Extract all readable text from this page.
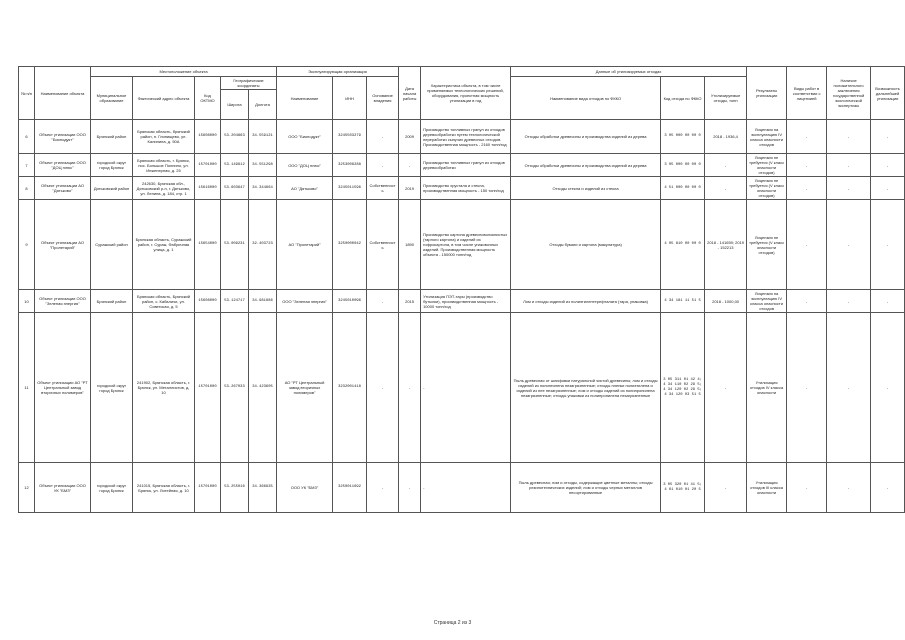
№ п/п	Наименование объекта	Местоположение объекта					Эксплуатирующая организация			Дата начала работы	Характеристика объекта, в том числе применяемых технологических решений, оборудования, проектная мощность утилизации в год	Данные об утилизируемых отходах			Результаты утилизации	Виды работ в соответствии с лицензией	Наличие положительного заключения государственной экологической экспертизы	Возможность дальнейшей утилизации
		Муниципальное образование	Фактический адрес объекта	Код ОКТМО	Географические координаты		Наименование	ИНН	Основание владения			Наименование вида отходов по ФККО	Код отхода по ФККО	Утилизируемые отходы, тонн				
					Широта	Долгота												
6	Объект утилизации ООО "Биоподукт"	Брянский район	Брянская область, брянский район, п. Глинищево, ул. Калинина, д. 50А	15608000	53.204863	34.559121	ООО "Биоподукт"	3245503279	-	2009	Производство топливных гранул из отходов деревообработки путем технологической переработки сыпучих древесных отходов. Производственная мощность - 2160 тонн/год	Отходы обработки древесины и производства изделий из дерева	3 05 000 00 00 0	2018 - 1936,4	Лицензия на эксплуатацию IV класса опасности отходов	-	-	-
7	Объект утилизации ООО "ДОЦ плюс"	городской округ город Брянск	Брянская область, г. Брянск, пос. Большое Полпино, ул. Инженерная, д. 25	15701000	53.149912	34.551298	ООО "ДОЦ плюс"	3253008288	-	-	Производство топливных гранул из отходов деревообработки	Отходы обработки древесины и производства изделий из дерева	3 05 000 00 00 0	-	Лицензия не требуется (V класс опасности отходов)	-	-	-
8	Объект утилизации АО "Дятьково"	Дятьковский район	242630, Брянская обл., Дятьковский р-н, г. Дятьково, ул. Ленина, д. 184, стр. 1	15616000	53.603647	34.344664	АО "Дятьково"	3245011596	Собственность	2019	Производство хрусталя и стекла, производственная мощность - 150 тонн/год	Отходы стекла и изделий из стекла	4 51 000 00 00 0	-	Лицензия не требуется (V класс опасности отходов)	-	-	-
9	Объект утилизации АО "Пролетарий"	Суражский район	Брянская область, Суражский район, г. Сураж, Фабричная улица, д. 1	15654000	53.009231	32.403723	АО "Пролетарий"	3250000042	Собственность	1890	Производство картона древесноволокнистых (тарного картона) и изделий из гофрокартона, в том числе упаковочных изделий. Производственная мощность объекта - 150000 тонн/год	Отходы бумаги и картона (макулатура)	4 05 810 00 00 0	2018 - 141659; 2019 - 152213	Лицензия не требуется (V класс опасности отходов)	-	-	-
10	Объект утилизации ООО "Зеленая энергия"	Брянский район	Брянская область, Брянский район, с. Кабаличи, ул. Советская, д. 5	15608000	53.124717	34.981886	ООО "Зеленая энергия"	3245010096	-	2015	Утилизация ПЭТ-тары (производство бутылки), производственная мощность - 10000 тонн/год	Лом и отходы изделий из полиэтилентерефталата (тара, упаковка)	4 34 181 11 51 5	2018 - 1000,00	Лицензия на эксплуатацию IV класса опасности отходов	-	-	-
11	Объект утилизации АО "РТ Центральный завод вторичных полимеров"	городской округ город Брянск	241902, Брянская область, г. Брянск, ул. Металлистов, д. 10	15701000	53.267033	34.423605	АО "РТ Центральный завод вторичных полимеров"	3232001418	-	-	-	Пыль древесная от шлифовки натуральной чистой древесины; лом и отходы изделий из полиэтилена незагрязненные; отходы пленки полиэтилена и изделий из нее незагрязненные; лом и отходы изделий из полипропилена незагрязненные; отходы упаковки из полипропилена незагрязненные	3 05 311 01 42 4; 4 34 110 02 29 5; 4 34 120 02 29 5; 4 34 120 03 51 5	-	Утилизация отходов IV класса опасности	-	-	-
12	Объект утилизации ООО УК "БМЗ"	городской округ город Брянск	241015, Брянская область, г. Брянск, ул. Литейная, д. 10	15701000	53.255016	34.366935	ООО УК "БМЗ"	3250011692	-	-	-	Пыль древесная; лом и отходы, содержащие цветные металлы; отходы резинотехнических изделий; лом и отходы черных металлов несортированные	3 05 320 01 41 5; 4 61 010 01 20 5	-	Утилизация отходов III класса опасности	-	-	-
Страница 2 из 3
